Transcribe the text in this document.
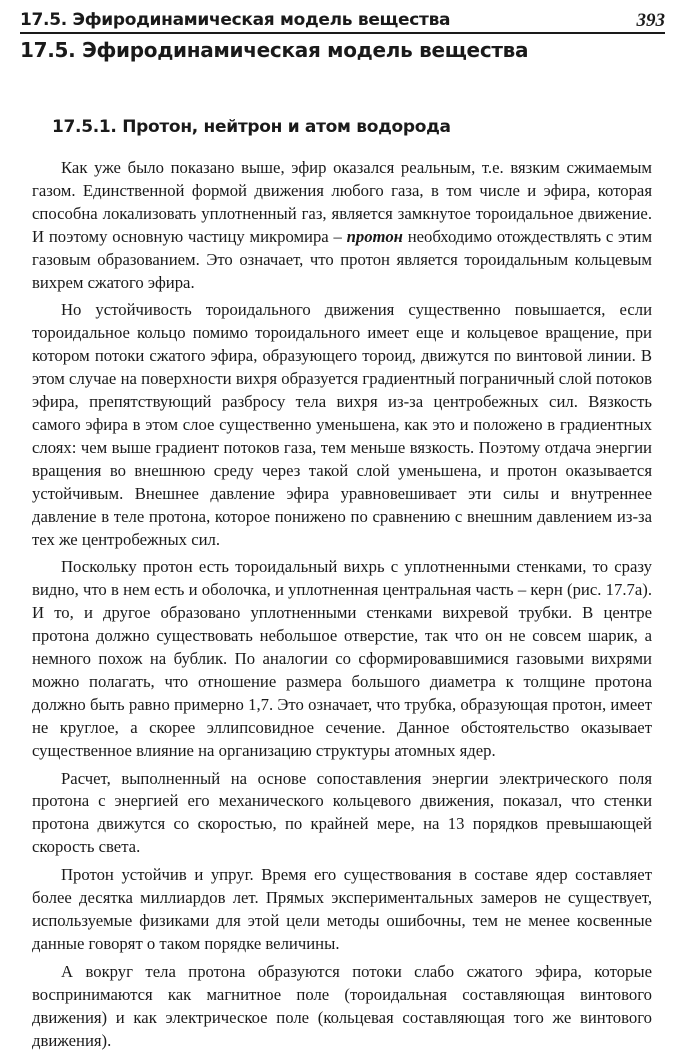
17.5. Эфиродинамическая модель вещества	393
17.5. Эфиродинамическая модель вещества
17.5.1. Протон, нейтрон и атом водорода

Как уже было показано выше, эфир оказался реальным, т.е. вязким сжимаемым газом. Единственной формой движения любого газа, в том числе и эфира, которая способна локализовать уплотненный газ, является замкнутое тороидальное движение. И поэтому основную частицу микромира – протон необходимо отождествлять с этим газовым образованием. Это означает, что протон является тороидальным кольцевым вихрем сжатого эфира.

Но устойчивость тороидального движения существенно повышается, если тороидальное кольцо помимо тороидального имеет еще и кольцевое вращение, при котором потоки сжатого эфира, образующего тороид, движутся по винтовой линии. В этом случае на поверхности вихря образуется градиентный пограничный слой потоков эфира, препятствующий разбросу тела вихря из-за центробежных сил. Вязкость самого эфира в этом слое существенно уменьшена, как это и положено в градиентных слоях: чем выше градиент потоков газа, тем меньше вязкость. Поэтому отдача энергии вращения во внешнюю среду через такой слой уменьшена, и протон оказывается устойчивым. Внешнее давление эфира уравновешивает эти силы и внутреннее давление в теле протона, которое понижено по сравнению с внешним давлением из-за тех же центробежных сил.

Поскольку протон есть тороидальный вихрь с уплотненными стенками, то сразу видно, что в нем есть и оболочка, и уплотненная центральная часть – керн (рис. 17.7а). И то, и другое образовано уплотненными стенками вихревой трубки. В центре протона должно существовать небольшое отверстие, так что он не совсем шарик, а немного похож на бублик. По аналогии со сформировавшимися газовыми вихрями можно полагать, что отношение размера большого диаметра к толщине протона должно быть равно примерно 1,7. Это означает, что трубка, образующая протон, имеет не круглое, а скорее эллипсовидное сечение. Данное обстоятельство оказывает существенное влияние на организацию структуры атомных ядер.

Расчет, выполненный на основе сопоставления энергии электрического поля протона с энергией его механического кольцевого движения, показал, что стенки протона движутся со скоростью, по крайней мере, на 13 порядков превышающей скорость света.

Протон устойчив и упруг. Время его существования в составе ядер составляет более десятка миллиардов лет. Прямых экспериментальных замеров не существует, используемые физиками для этой цели методы ошибочны, тем не менее косвенные данные говорят о таком порядке величины.

А вокруг тела протона образуются потоки слабо сжатого эфира, которые воспринимаются как магнитное поле (тороидальная составляющая винтового движения) и как электрическое поле (кольцевая составляющая того же винтового движения).
